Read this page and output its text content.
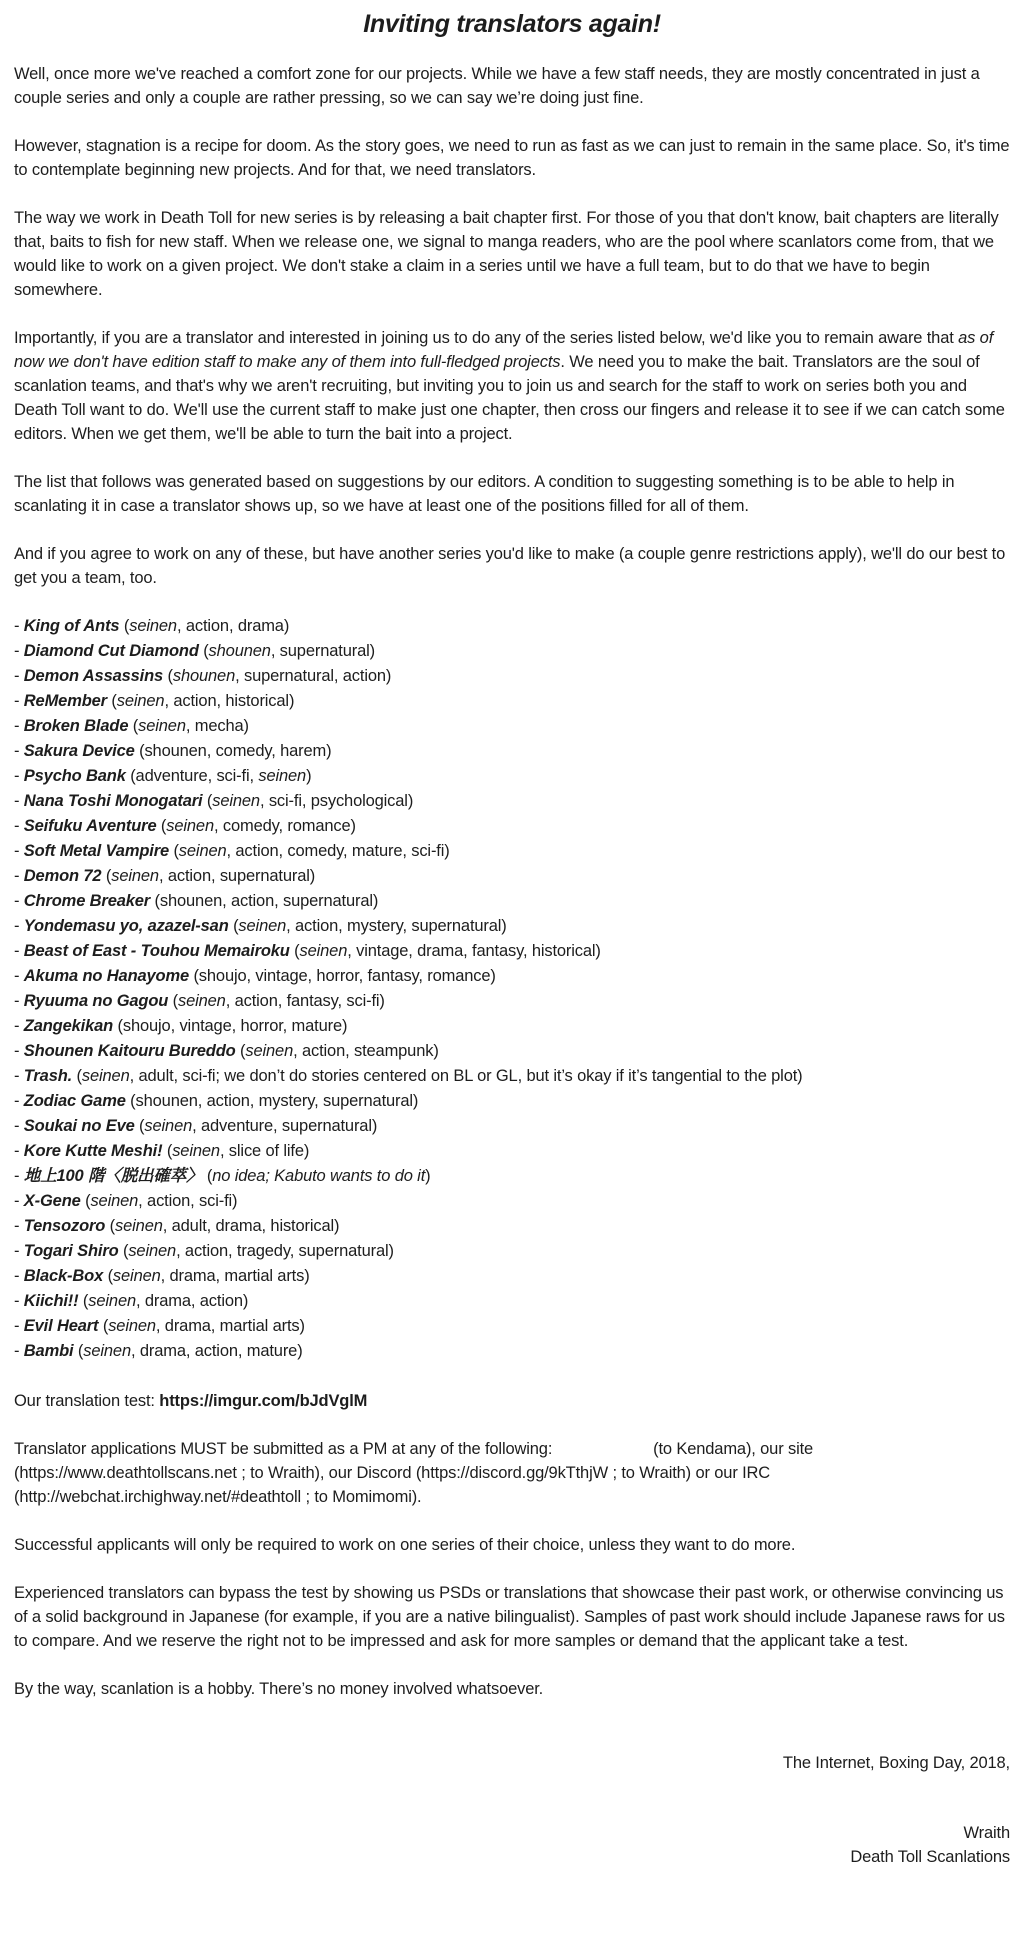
Inviting translators again!

Well, once more we've reached a comfort zone for our projects. While we have a few staff needs, they are mostly concentrated in just a couple series and only a couple are rather pressing, so we can say we’re doing just fine.

However, stagnation is a recipe for doom. As the story goes, we need to run as fast as we can just to remain in the same place. So, it's time to contemplate beginning new projects. And for that, we need translators.

The way we work in Death Toll for new series is by releasing a bait chapter first. For those of you that don't know, bait chapters are literally that, baits to fish for new staff. When we release one, we signal to manga readers, who are the pool where scanlators come from, that we would like to work on a given project. We don't stake a claim in a series until we have a full team, but to do that we have to begin somewhere.

Importantly, if you are a translator and interested in joining us to do any of the series listed below, we'd like you to remain aware that as of now we don't have edition staff to make any of them into full-fledged projects. We need you to make the bait. Translators are the soul of scanlation teams, and that's why we aren't recruiting, but inviting you to join us and search for the staff to work on series both you and Death Toll want to do. We'll use the current staff to make just one chapter, then cross our fingers and release it to see if we can catch some editors. When we get them, we'll be able to turn the bait into a project.

The list that follows was generated based on suggestions by our editors. A condition to suggesting something is to be able to help in scanlating it in case a translator shows up, so we have at least one of the positions filled for all of them.

And if you agree to work on any of these, but have another series you'd like to make (a couple genre restrictions apply), we'll do our best to get you a team, too.

- King of Ants (seinen, action, drama)
- Diamond Cut Diamond (shounen, supernatural)
- Demon Assassins (shounen, supernatural, action)
- ReMember (seinen, action, historical)
- Broken Blade (seinen, mecha)
- Sakura Device (shounen, comedy, harem)
- Psycho Bank (adventure, sci-fi, seinen)
- Nana Toshi Monogatari (seinen, sci-fi, psychological)
- Seifuku Aventure (seinen, comedy, romance)
- Soft Metal Vampire (seinen, action, comedy, mature, sci-fi)
- Demon 72 (seinen, action, supernatural)
- Chrome Breaker (shounen, action, supernatural)
- Yondemasu yo, azazel-san (seinen, action, mystery, supernatural)
- Beast of East - Touhou Memairoku (seinen, vintage, drama, fantasy, historical)
- Akuma no Hanayome (shoujo, vintage, horror, fantasy, romance)
- Ryuuma no Gagou (seinen, action, fantasy, sci-fi)
- Zangekikan (shoujo, vintage, horror, mature)
- Shounen Kaitouru Bureddo (seinen, action, steampunk)
- Trash. (seinen, adult, sci-fi; we don’t do stories centered on BL or GL, but it’s okay if it’s tangential to the plot)
- Zodiac Game (shounen, action, mystery, supernatural)
- Soukai no Eve (seinen, adventure, supernatural)
- Kore Kutte Meshi! (seinen, slice of life)
- 地上100 階〈脱出確萃〉 (no idea; Kabuto wants to do it)
- X-Gene (seinen, action, sci-fi)
- Tensozoro (seinen, adult, drama, historical)
- Togari Shiro (seinen, action, tragedy, supernatural)
- Black-Box (seinen, drama, martial arts)
- Kiichi!! (seinen, drama, action)
- Evil Heart (seinen, drama, martial arts)
- Bambi (seinen, drama, action, mature)

Our translation test: https://imgur.com/bJdVglM

Translator applications MUST be submitted as a PM at any of the following:	(to Kendama), our site (https://www.deathtollscans.net ; to Wraith), our Discord (https://discord.gg/9kTthjW ; to Wraith) or our IRC (http://webchat.irchighway.net/#deathtoll ; to Momimomi).

Successful applicants will only be required to work on one series of their choice, unless they want to do more.

Experienced translators can bypass the test by showing us PSDs or translations that showcase their past work, or otherwise convincing us of a solid background in Japanese (for example, if you are a native bilingualist). Samples of past work should include Japanese raws for us to compare. And we reserve the right not to be impressed and ask for more samples or demand that the applicant take a test.

By the way, scanlation is a hobby. There’s no money involved whatsoever.

The Internet, Boxing Day, 2018,

Wraith

Death Toll Scanlations
